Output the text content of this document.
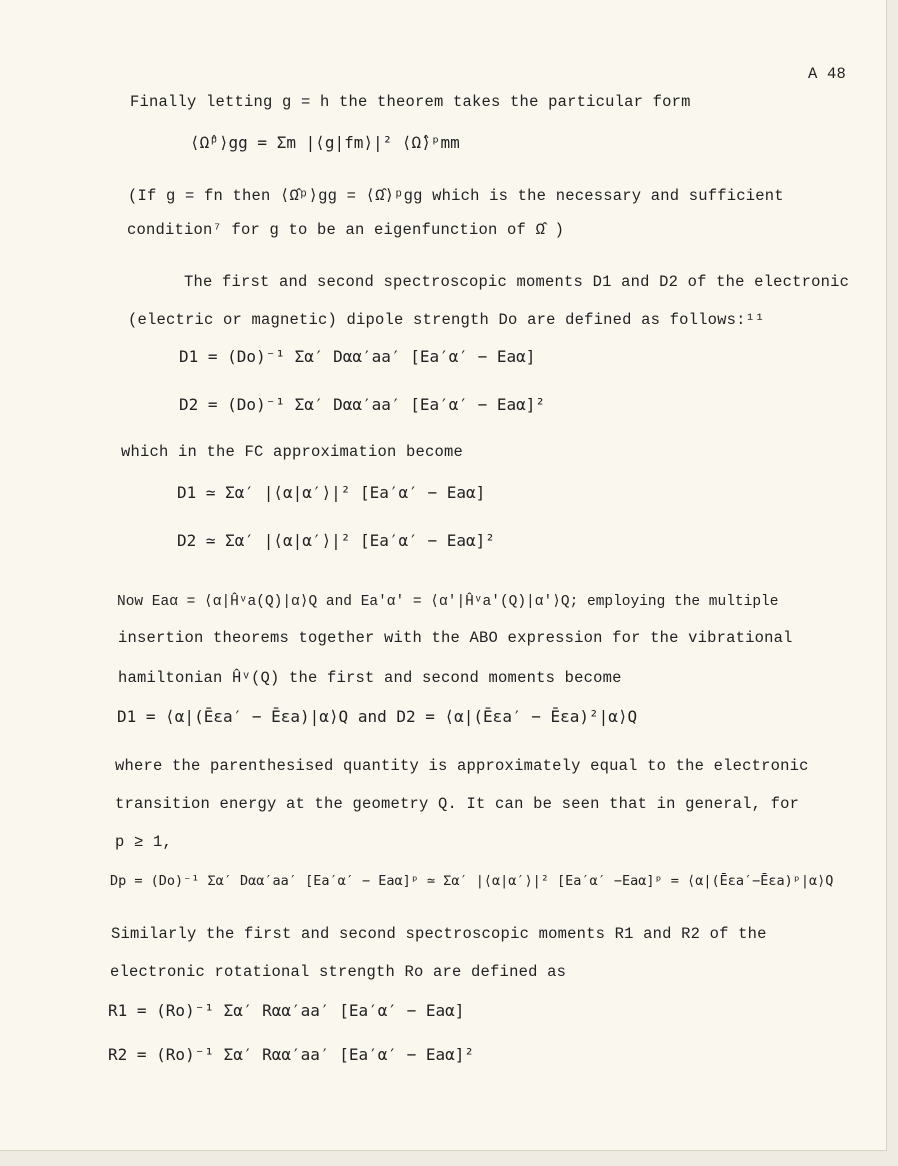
A 48
Finally letting g = h the theorem takes the particular form
⟨Ω̂ᵖ⟩gg = Σm |⟨g|fm⟩|² ⟨Ω̂⟩ᵖmm
(If g = fn then ⟨Ω̂ᵖ⟩gg = ⟨Ω̂⟩ᵖgg which is the necessary and sufficient
condition⁷ for g to be an eigenfunction of Ω̂ )
The first and second spectroscopic moments D1 and D2 of the electronic
(electric or magnetic) dipole strength Do are defined as follows:¹¹
D1 = (Do)⁻¹ Σα′ Dαα′aa′ [Ea′α′ − Eaα]
D2 = (Do)⁻¹ Σα′ Dαα′aa′ [Ea′α′ − Eaα]²
which in the FC approximation become
D1 ≃ Σα′ |⟨α|α′⟩|² [Ea′α′ − Eaα]
D2 ≃ Σα′ |⟨α|α′⟩|² [Ea′α′ − Eaα]²
Now Eaα = ⟨α|Ĥᵛa(Q)|α⟩Q and Ea′α′ = ⟨α′|Ĥᵛa′(Q)|α′⟩Q; employing the multiple
insertion theorems together with the ABO expression for the vibrational
hamiltonian Ĥᵛ(Q) the first and second moments become
D1 = ⟨α|(Ēεa′ − Ēεa)|α⟩Q and D2 = ⟨α|(Ēεa′ − Ēεa)²|α⟩Q
where the parenthesised quantity is approximately equal to the electronic
transition energy at the geometry Q. It can be seen that in general, for
p ≥ 1,
Dp = (Do)⁻¹ Σα′ Dαα′aa′ [Ea′α′ − Eaα]ᵖ ≃ Σα′ |⟨α|α′⟩|² [Ea′α′ −Eaα]ᵖ = ⟨α|(Ēεa′−Ēεa)ᵖ|α⟩Q
Similarly the first and second spectroscopic moments R1 and R2 of the
electronic rotational strength Ro are defined as
R1 = (Ro)⁻¹ Σα′ Rαα′aa′ [Ea′α′ − Eaα]
R2 = (Ro)⁻¹ Σα′ Rαα′aa′ [Ea′α′ − Eaα]²
